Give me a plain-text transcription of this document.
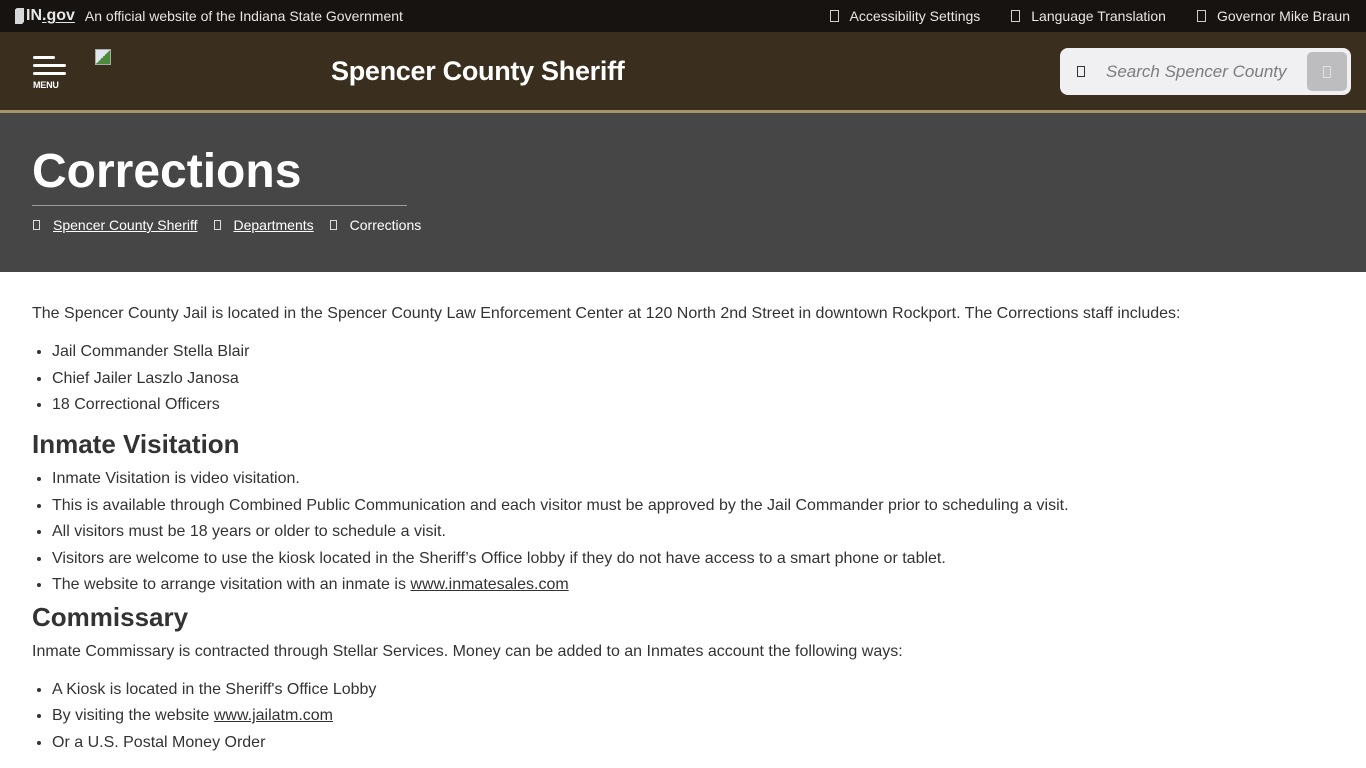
IN .gov An official website of the Indiana State Government	Accessibility Settings	Language Translation	Governor Mike Braun
MENU	Spencer County Sheriff
Search Spencer County
Corrections
Spencer County Sheriff	Departments	Corrections

The Spencer County Jail is located in the Spencer County Law Enforcement Center at 120 North 2nd Street in downtown Rockport. The Corrections staff includes:

• Jail Commander Stella Blair
• Chief Jailer Laszlo Janosa
• 18 Correctional Officers
Inmate Visitation
• Inmate Visitation is video visitation.
• This is available through Combined Public Communication and each visitor must be approved by the Jail Commander prior to scheduling a visit.
• All visitors must be 18 years or older to schedule a visit.
• Visitors are welcome to use the kiosk located in the Sheriff’s Office lobby if they do not have access to a smart phone or tablet.
• The website to arrange visitation with an inmate is www.inmatesales.com
Commissary

Inmate Commissary is contracted through Stellar Services. Money can be added to an Inmates account the following ways:

• A Kiosk is located in the Sheriff's Office Lobby
• By visiting the website www.jailatm.com
• Or a U.S. Postal Money Order
